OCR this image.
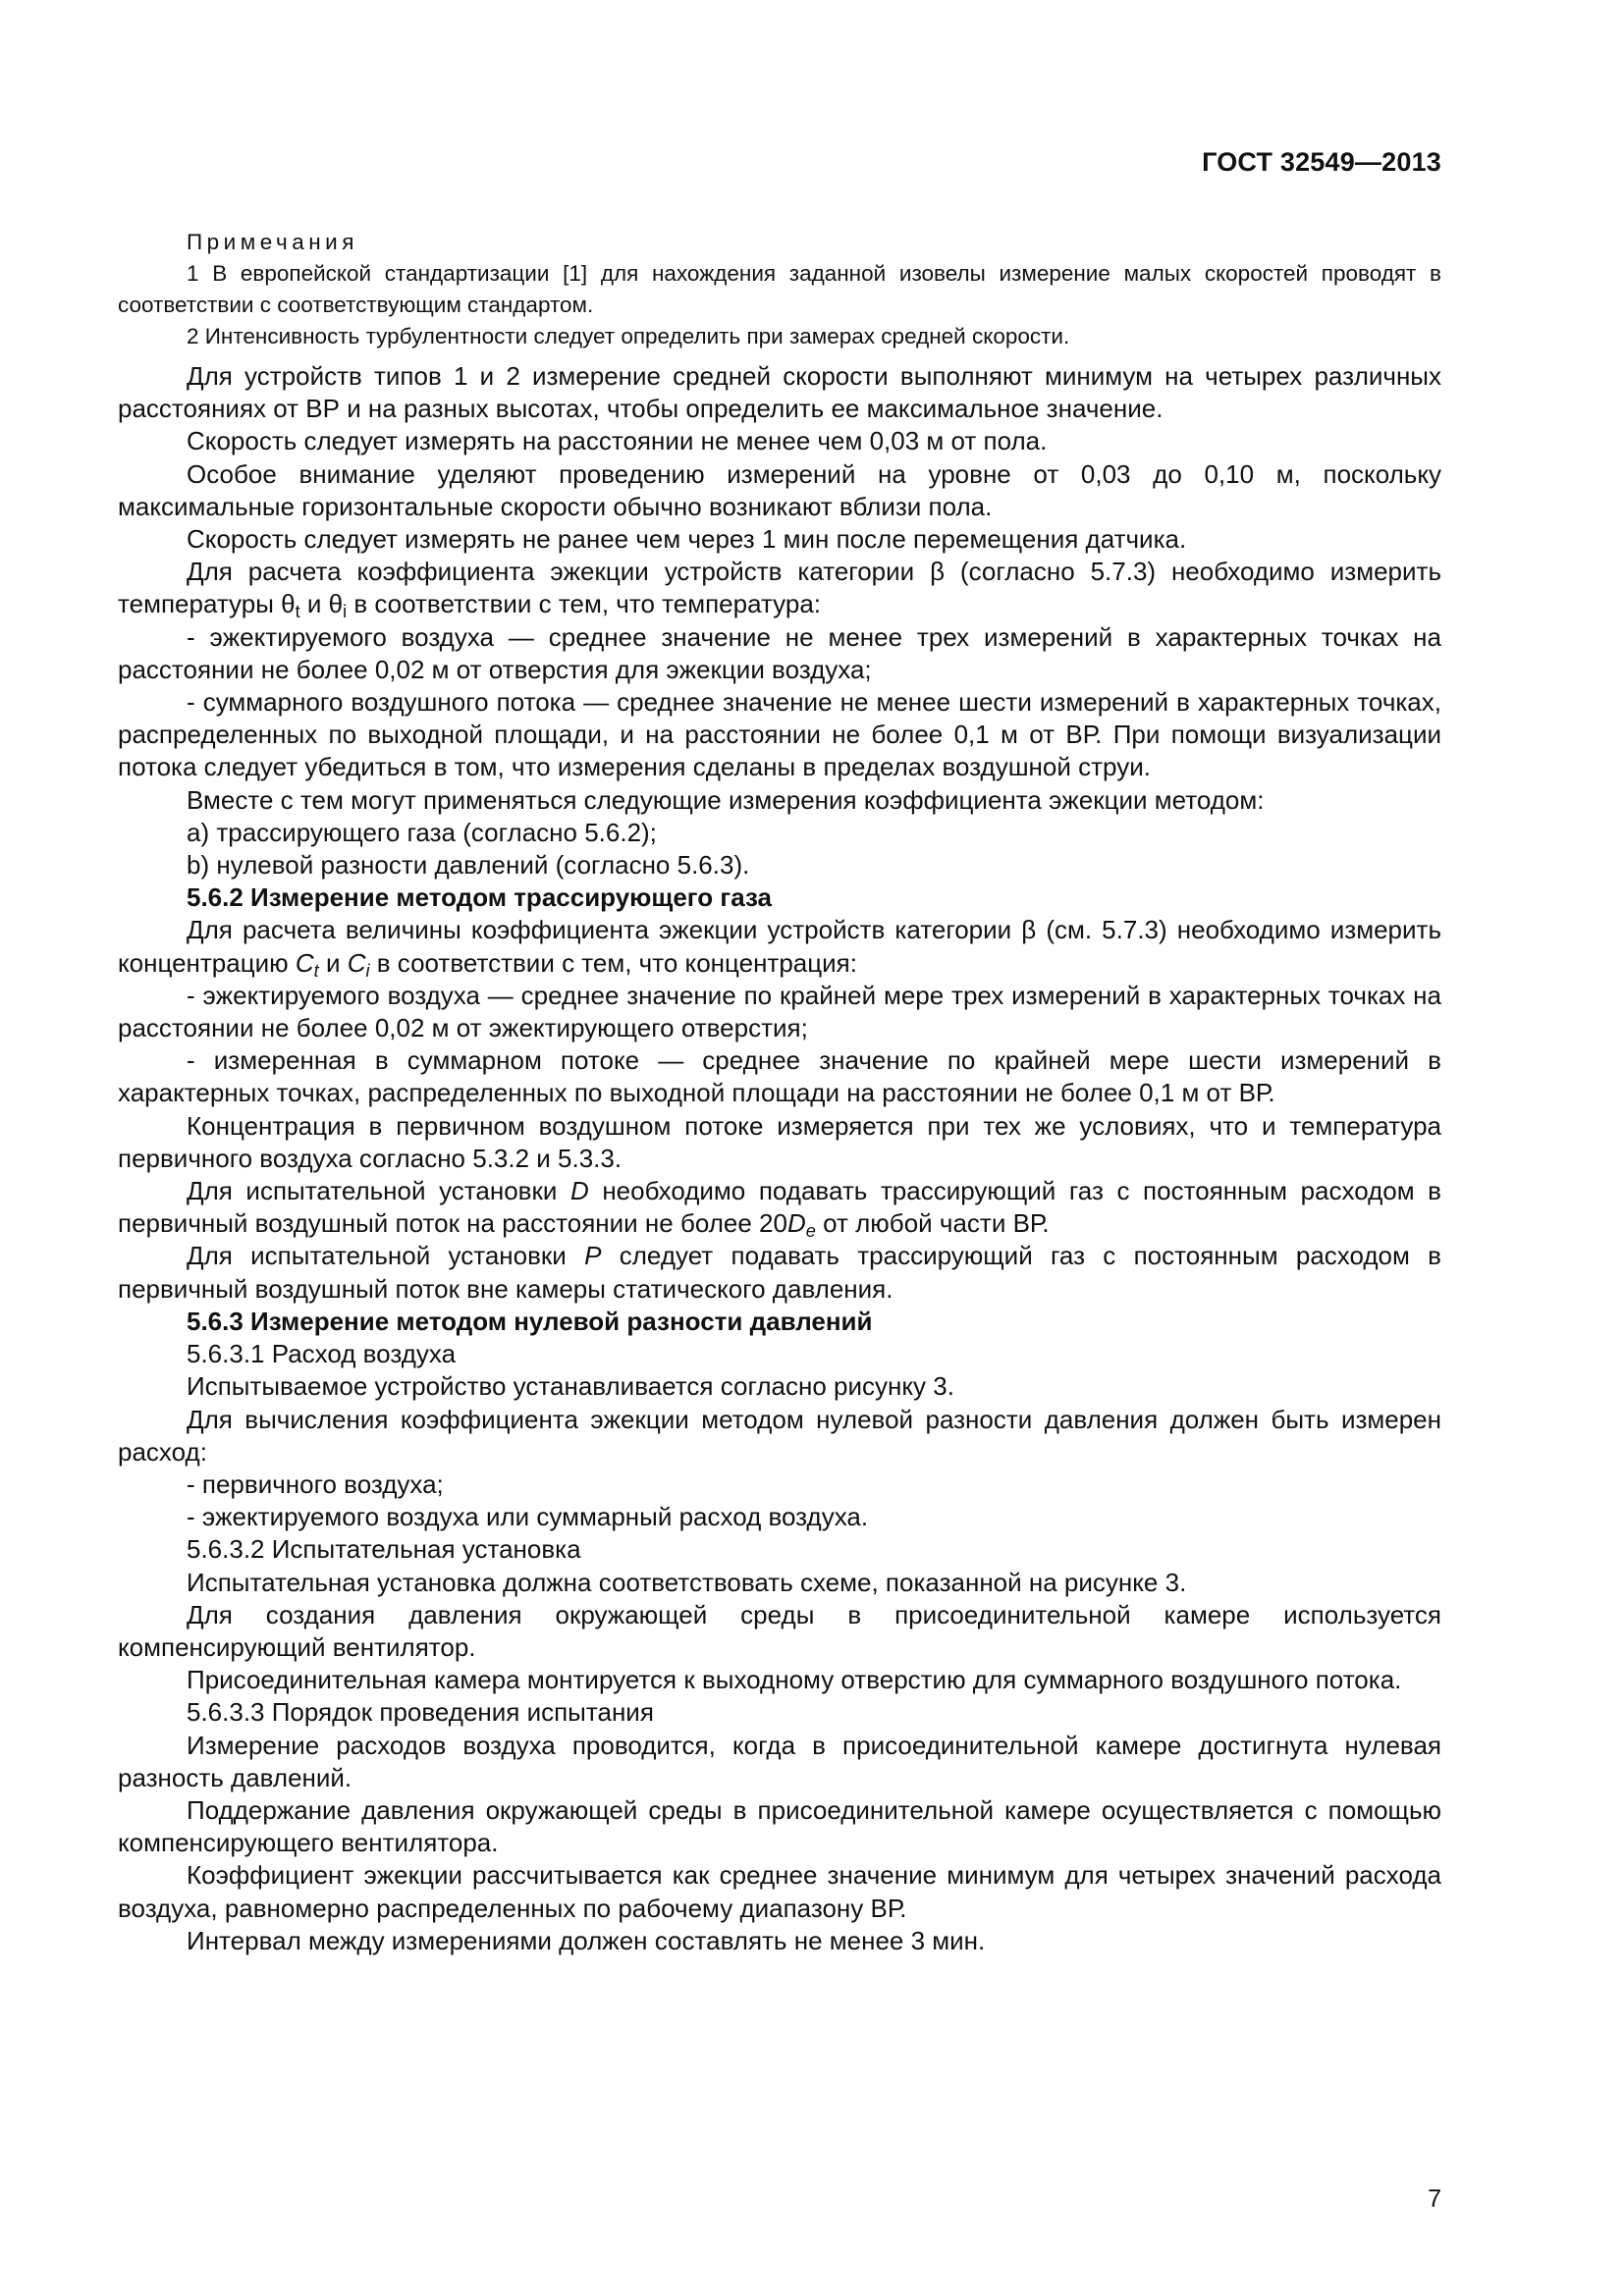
ГОСТ 32549—2013
Примечания

1 В европейской стандартизации [1] для нахождения заданной изовелы измерение малых скоростей проводят в соответствии с соответствующим стандартом.

2 Интенсивность турбулентности следует определить при замерах средней скорости.

Для устройств типов 1 и 2 измерение средней скорости выполняют минимум на четырех различных расстояниях от ВР и на разных высотах, чтобы определить ее максимальное значение.

Скорость следует измерять на расстоянии не менее чем 0,03 м от пола.

Особое внимание уделяют проведению измерений на уровне от 0,03 до 0,10 м, поскольку максимальные горизонтальные скорости обычно возникают вблизи пола.

Скорость следует измерять не ранее чем через 1 мин после перемещения датчика.

Для расчета коэффициента эжекции устройств категории β (согласно 5.7.3) необходимо измерить температуры $\theta_t$ и $\theta_i$ в соответствии с тем, что температура:

- эжектируемого воздуха — среднее значение не менее трех измерений в характерных точках на расстоянии не более 0,02 м от отверстия для эжекции воздуха;

- суммарного воздушного потока — среднее значение не менее шести измерений в характерных точках, распределенных по выходной площади, и на расстоянии не более 0,1 м от ВР. При помощи визуализации потока следует убедиться в том, что измерения сделаны в пределах воздушной струи.

Вместе с тем могут применяться следующие измерения коэффициента эжекции методом:

а) трассирующего газа (согласно 5.6.2);

b) нулевой разности давлений (согласно 5.6.3).

5.6.2 Измерение методом трассирующего газа

Для расчета величины коэффициента эжекции устройств категории β (см. 5.7.3) необходимо измерить концентрацию $C_t$ и $C_i$ в соответствии с тем, что концентрация:

- эжектируемого воздуха — среднее значение по крайней мере трех измерений в характерных точках на расстоянии не более 0,02 м от эжектирующего отверстия;

- измеренная в суммарном потоке — среднее значение по крайней мере шести измерений в характерных точках, распределенных по выходной площади на расстоянии не более 0,1 м от ВР.

Концентрация в первичном воздушном потоке измеряется при тех же условиях, что и температура первичного воздуха согласно 5.3.2 и 5.3.3.

Для испытательной установки D необходимо подавать трассирующий газ с постоянным расходом в первичный воздушный поток на расстоянии не более $20D_e$ от любой части ВР.

Для испытательной установки P следует подавать трассирующий газ с постоянным расходом в первичный воздушный поток вне камеры статического давления.

5.6.3 Измерение методом нулевой разности давлений

5.6.3.1 Расход воздуха

Испытываемое устройство устанавливается согласно рисунку 3.

Для вычисления коэффициента эжекции методом нулевой разности давления должен быть измерен расход:

- первичного воздуха;

- эжектируемого воздуха или суммарный расход воздуха.

5.6.3.2 Испытательная установка

Испытательная установка должна соответствовать схеме, показанной на рисунке 3.

Для создания давления окружающей среды в присоединительной камере используется компенсирующий вентилятор.

Присоединительная камера монтируется к выходному отверстию для суммарного воздушного потока.

5.6.3.3 Порядок проведения испытания

Измерение расходов воздуха проводится, когда в присоединительной камере достигнута нулевая разность давлений.

Поддержание давления окружающей среды в присоединительной камере осуществляется с помощью компенсирующего вентилятора.

Коэффициент эжекции рассчитывается как среднее значение минимум для четырех значений расхода воздуха, равномерно распределенных по рабочему диапазону ВР.

Интервал между измерениями должен составлять не менее 3 мин.

7
